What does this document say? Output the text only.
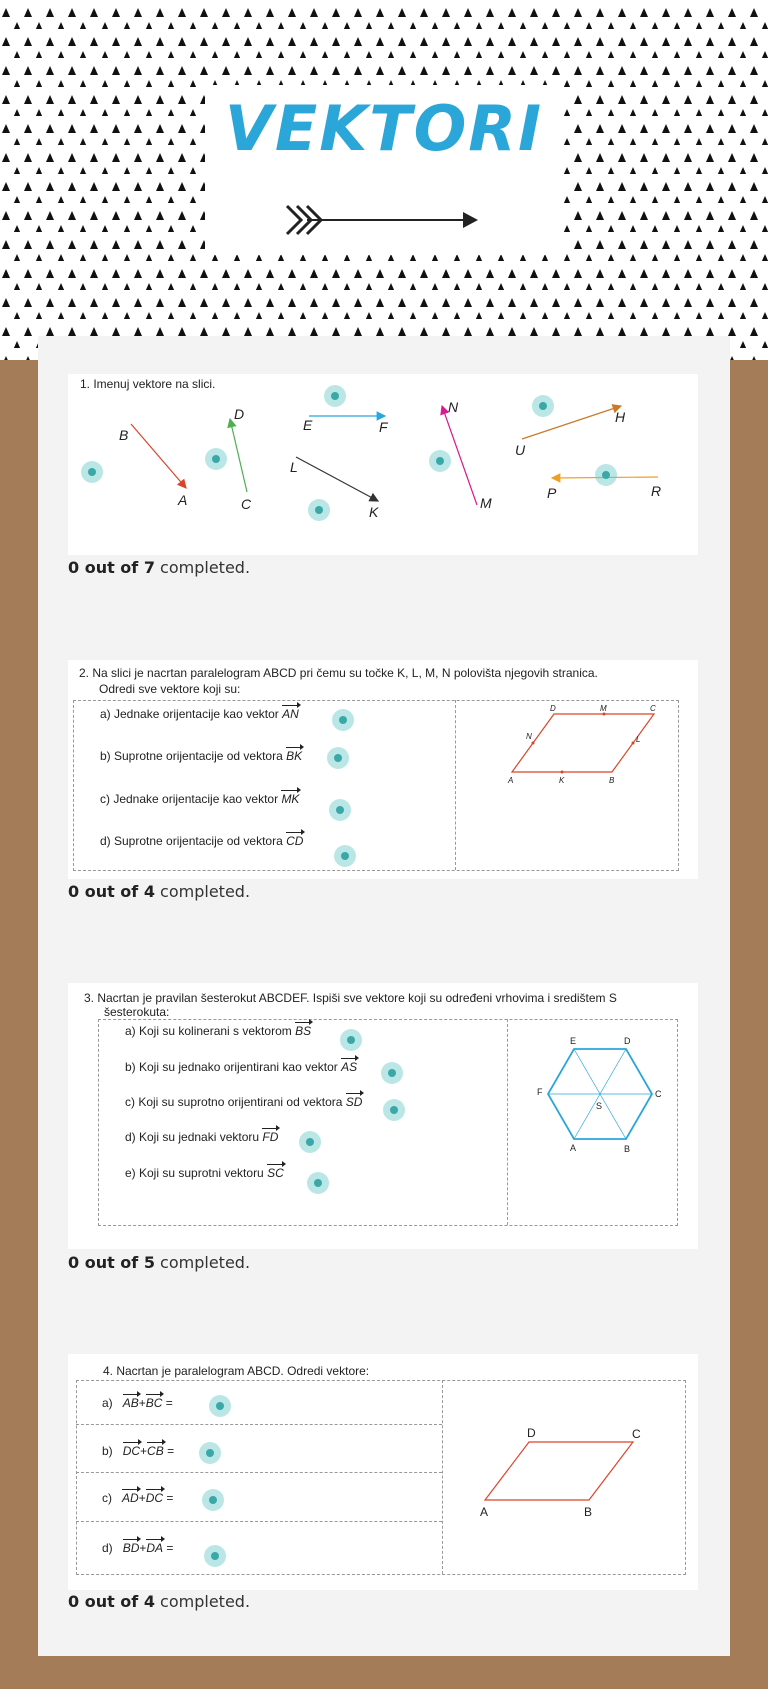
VEKTORI
1. Imenuj vektore na slici.
B
A
D
C
E	F
L
K
N
M
U
H
P	R
0 out of 7 completed.
2. Na slici je nacrtan paralelogram ABCD pri čemu su točke K, L, M, N polovišta njegovih stranica.
Odredi sve vektore koji su:
a) Jednake orijentacije kao vektor AN
b) Suprotne orijentacije od vektora BK
c) Jednake orijentacije kao vektor MK
d) Suprotne orijentacije od vektora CD
A	B
C
D
K
L
M
N
0 out of 4 completed.
3. Nacrtan je pravilan šesterokut ABCDEF. Ispiši sve vektore koji su određeni vrhovima i središtem S
šesterokuta:
a) Koji su kolinerani s vektorom BS
b) Koji su jednako orijentirani kao vektor AS
c) Koji su suprotno orijentirani od vektora SD
d) Koji su jednaki vektoru FD
e) Koji su suprotni vektoru SC
A	B
C
D
E
F
S
0 out of 5 completed.
4. Nacrtan je paralelogram ABCD. Odredi vektore:
a) AB+BC =
b) DC+CB =
c) AD+DC =
d) BD+DA =
A	B
C
D
0 out of 4 completed.
